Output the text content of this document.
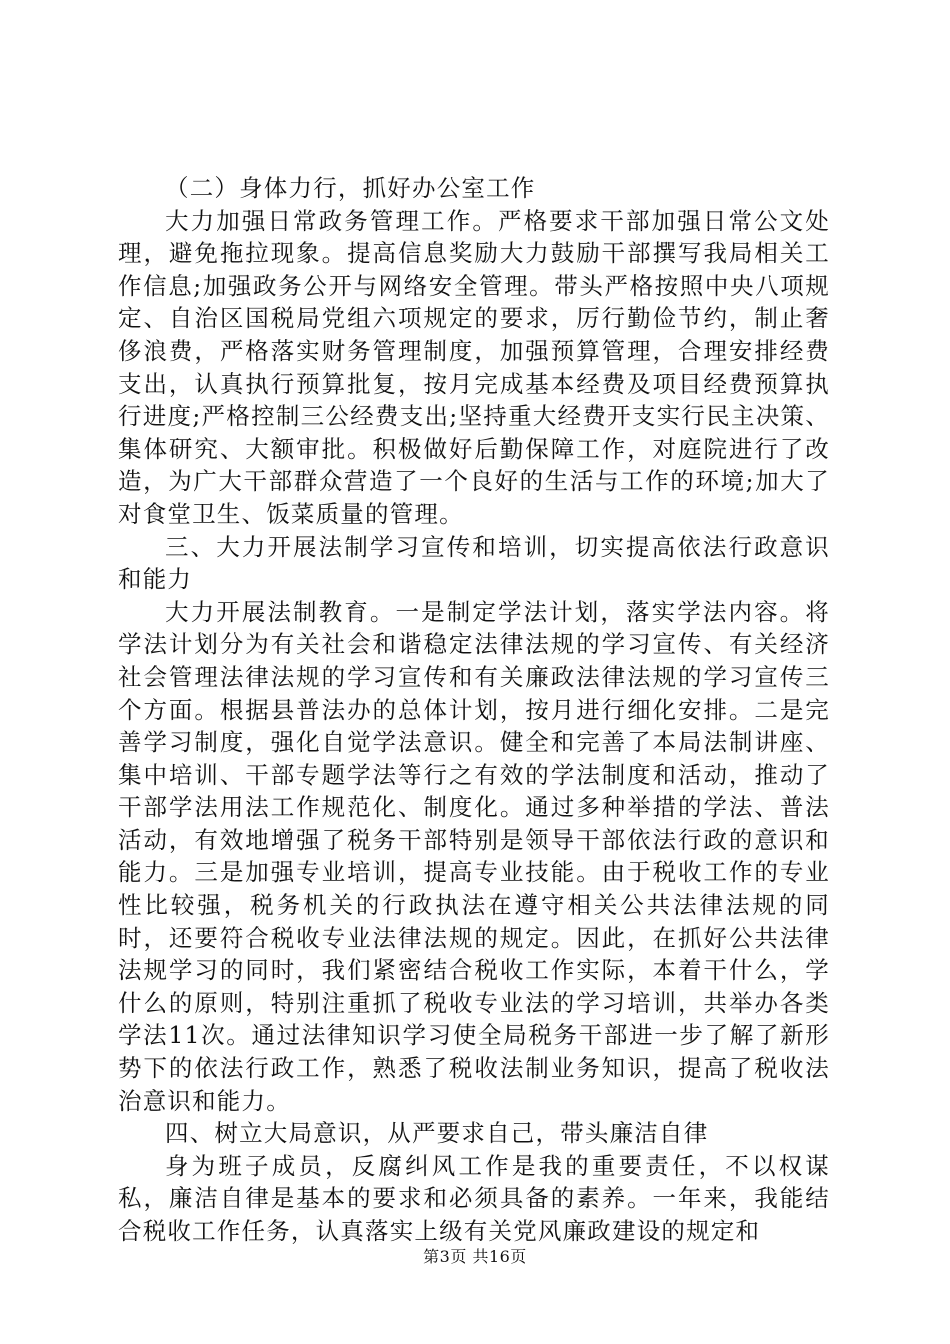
（二）身体力行，抓好办公室工作

大力加强日常政务管理工作。严格要求干部加强日常公文处理，避免拖拉现象。提高信息奖励大力鼓励干部撰写我局相关工作信息;加强政务公开与网络安全管理。带头严格按照中央八项规定、自治区国税局党组六项规定的要求，厉行勤俭节约，制止奢侈浪费，严格落实财务管理制度，加强预算管理，合理安排经费支出，认真执行预算批复，按月完成基本经费及项目经费预算执行进度;严格控制三公经费支出;坚持重大经费开支实行民主决策、集体研究、大额审批。积极做好后勤保障工作，对庭院进行了改造，为广大干部群众营造了一个良好的生活与工作的环境;加大了对食堂卫生、饭菜质量的管理。

三、大力开展法制学习宣传和培训，切实提高依法行政意识和能力

大力开展法制教育。一是制定学法计划，落实学法内容。将学法计划分为有关社会和谐稳定法律法规的学习宣传、有关经济社会管理法律法规的学习宣传和有关廉政法律法规的学习宣传三个方面。根据县普法办的总体计划，按月进行细化安排。二是完善学习制度，强化自觉学法意识。健全和完善了本局法制讲座、集中培训、干部专题学法等行之有效的学法制度和活动，推动了干部学法用法工作规范化、制度化。通过多种举措的学法、普法活动，有效地增强了税务干部特别是领导干部依法行政的意识和能力。三是加强专业培训，提高专业技能。由于税收工作的专业性比较强，税务机关的行政执法在遵守相关公共法律法规的同时，还要符合税收专业法律法规的规定。因此，在抓好公共法律法规学习的同时，我们紧密结合税收工作实际，本着干什么，学什么的原则，特别注重抓了税收专业法的学习培训，共举办各类学法11次。通过法律知识学习使全局税务干部进一步了解了新形势下的依法行政工作，熟悉了税收法制业务知识，提高了税收法治意识和能力。

四、树立大局意识，从严要求自己，带头廉洁自律

身为班子成员，反腐纠风工作是我的重要责任，不以权谋私，廉洁自律是基本的要求和必须具备的素养。一年来，我能结合税收工作任务，认真落实上级有关党风廉政建设的规定和

第3页 共16页
